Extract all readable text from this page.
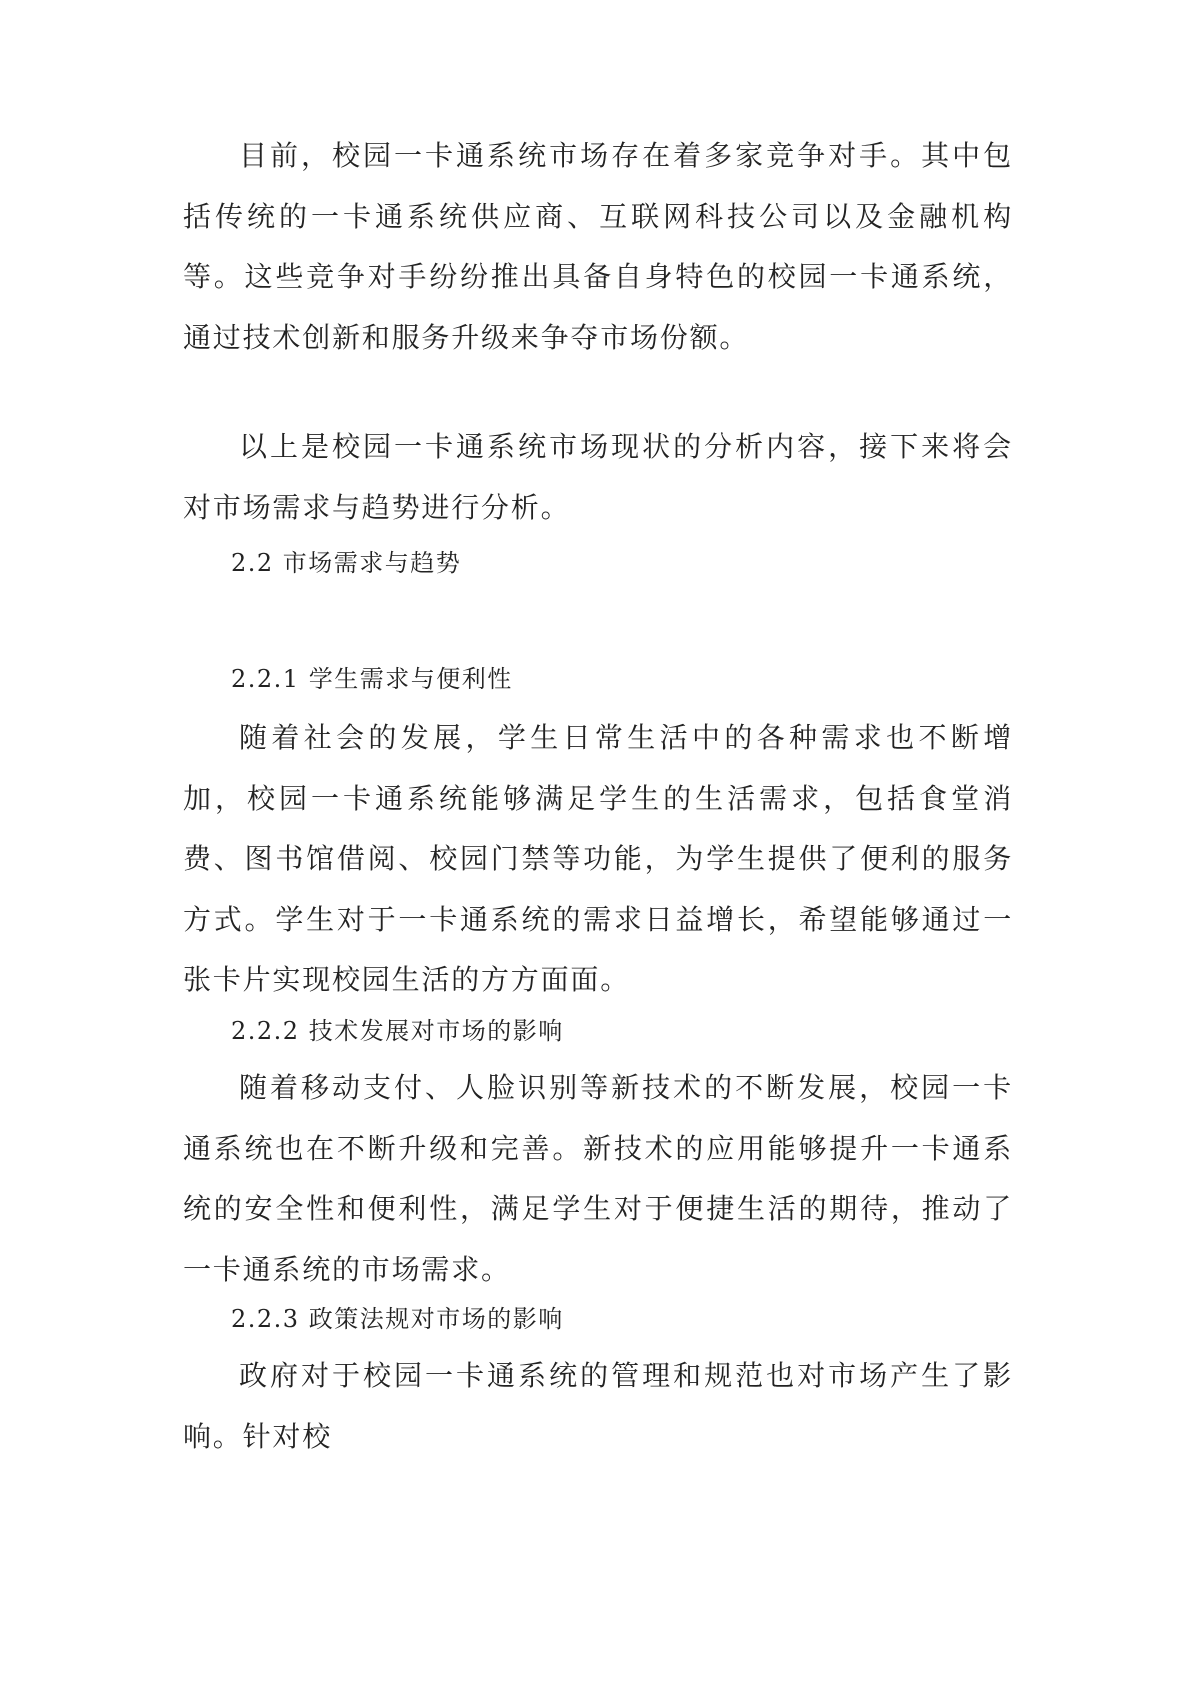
目前，校园一卡通系统市场存在着多家竞争对手。其中包括传统的一卡通系统供应商、互联网科技公司以及金融机构等。这些竞争对手纷纷推出具备自身特色的校园一卡通系统，通过技术创新和服务升级来争夺市场份额。

以上是校园一卡通系统市场现状的分析内容，接下来将会对市场需求与趋势进行分析。

2.2 市场需求与趋势
2.2.1 学生需求与便利性

随着社会的发展，学生日常生活中的各种需求也不断增加，校园一卡通系统能够满足学生的生活需求，包括食堂消费、图书馆借阅、校园门禁等功能，为学生提供了便利的服务方式。学生对于一卡通系统的需求日益增长，希望能够通过一张卡片实现校园生活的方方面面。

2.2.2 技术发展对市场的影响

随着移动支付、人脸识别等新技术的不断发展，校园一卡通系统也在不断升级和完善。新技术的应用能够提升一卡通系统的安全性和便利性，满足学生对于便捷生活的期待，推动了一卡通系统的市场需求。

2.2.3 政策法规对市场的影响

政府对于校园一卡通系统的管理和规范也对市场产生了影响。针对校
